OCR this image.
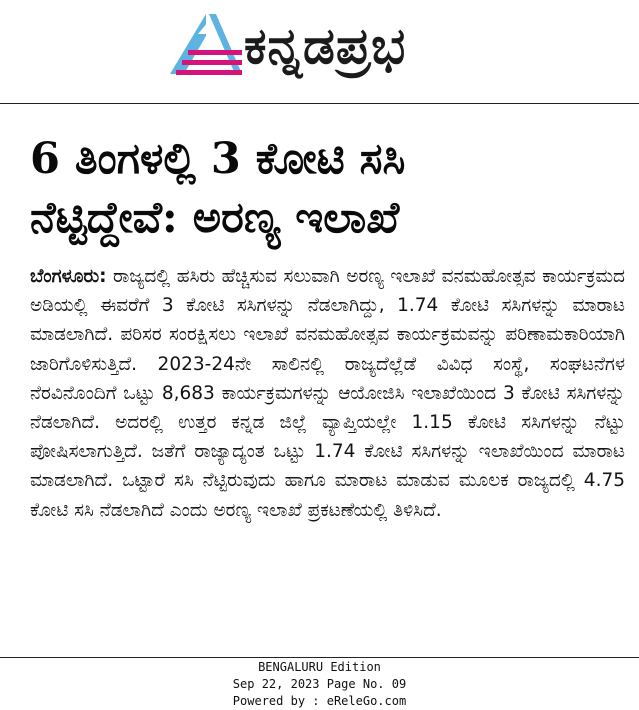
ಕನ್ನಡಪ್ರಭ
6 ತಿಂಗಳಲ್ಲಿ 3 ಕೋಟಿ ಸಸಿ
ನೆಟ್ಟಿದ್ದೇವೆ: ಅರಣ್ಯ ಇಲಾಖೆ

ಬೆಂಗಳೂರು: ರಾಜ್ಯದಲ್ಲಿ ಹಸಿರು ಹೆಚ್ಚಿಸುವ ಸಲುವಾಗಿ ಅರಣ್ಯ ಇಲಾಖೆ ವನಮಹೋತ್ಸವ ಕಾರ್ಯಕ್ರಮದ ಅಡಿಯಲ್ಲಿ ಈವರೆಗೆ 3 ಕೋಟಿ ಸಸಿಗಳನ್ನು ನೆಡಲಾಗಿದ್ದು, 1.74 ಕೋಟಿ ಸಸಿಗಳನ್ನು ಮಾರಾಟ ಮಾಡಲಾಗಿದೆ. ಪರಿಸರ ಸಂರಕ್ಷಿಸಲು ಇಲಾಖೆ ವನಮಹೋತ್ಸವ ಕಾರ್ಯಕ್ರಮವನ್ನು ಪರಿಣಾಮಕಾರಿಯಾಗಿ ಜಾರಿಗೊಳಿಸುತ್ತಿದೆ. 2023-24ನೇ ಸಾಲಿನಲ್ಲಿ ರಾಜ್ಯದೆಲ್ಲೆಡೆ ವಿವಿಧ ಸಂಸ್ಥೆ, ಸಂಘಟನೆಗಳ ನೆರವಿನೊಂದಿಗೆ ಒಟ್ಟು 8,683 ಕಾರ್ಯಕ್ರಮಗಳನ್ನು ಆಯೋಜಿಸಿ ಇಲಾಖೆಯಿಂದ 3 ಕೋಟಿ ಸಸಿಗಳನ್ನು ನೆಡಲಾಗಿದೆ. ಅದರಲ್ಲಿ ಉತ್ತರ ಕನ್ನಡ ಜಿಲ್ಲೆ ವ್ಯಾಪ್ತಿಯಲ್ಲೇ 1.15 ಕೋಟಿ ಸಸಿಗಳನ್ನು ನೆಟ್ಟು ಪೋಷಿಸಲಾಗುತ್ತಿದೆ. ಜತೆಗೆ ರಾಜ್ಯಾದ್ಯಂತ ಒಟ್ಟು 1.74 ಕೋಟಿ ಸಸಿಗಳನ್ನು ಇಲಾಖೆಯಿಂದ ಮಾರಾಟ ಮಾಡಲಾಗಿದೆ. ಒಟ್ಟಾರೆ ಸಸಿ ನೆಟ್ಟಿರುವುದು ಹಾಗೂ ಮಾರಾಟ ಮಾಡುವ ಮೂಲಕ ರಾಜ್ಯದಲ್ಲಿ 4.75 ಕೋಟಿ ಸಸಿ ನೆಡಲಾಗಿದೆ ಎಂದು ಅರಣ್ಯ ಇಲಾಖೆ ಪ್ರಕಟಣೆಯಲ್ಲಿ ತಿಳಿಸಿದೆ.

BENGALURU Edition
Sep 22, 2023 Page No. 09
Powered by : eReleGo.com
